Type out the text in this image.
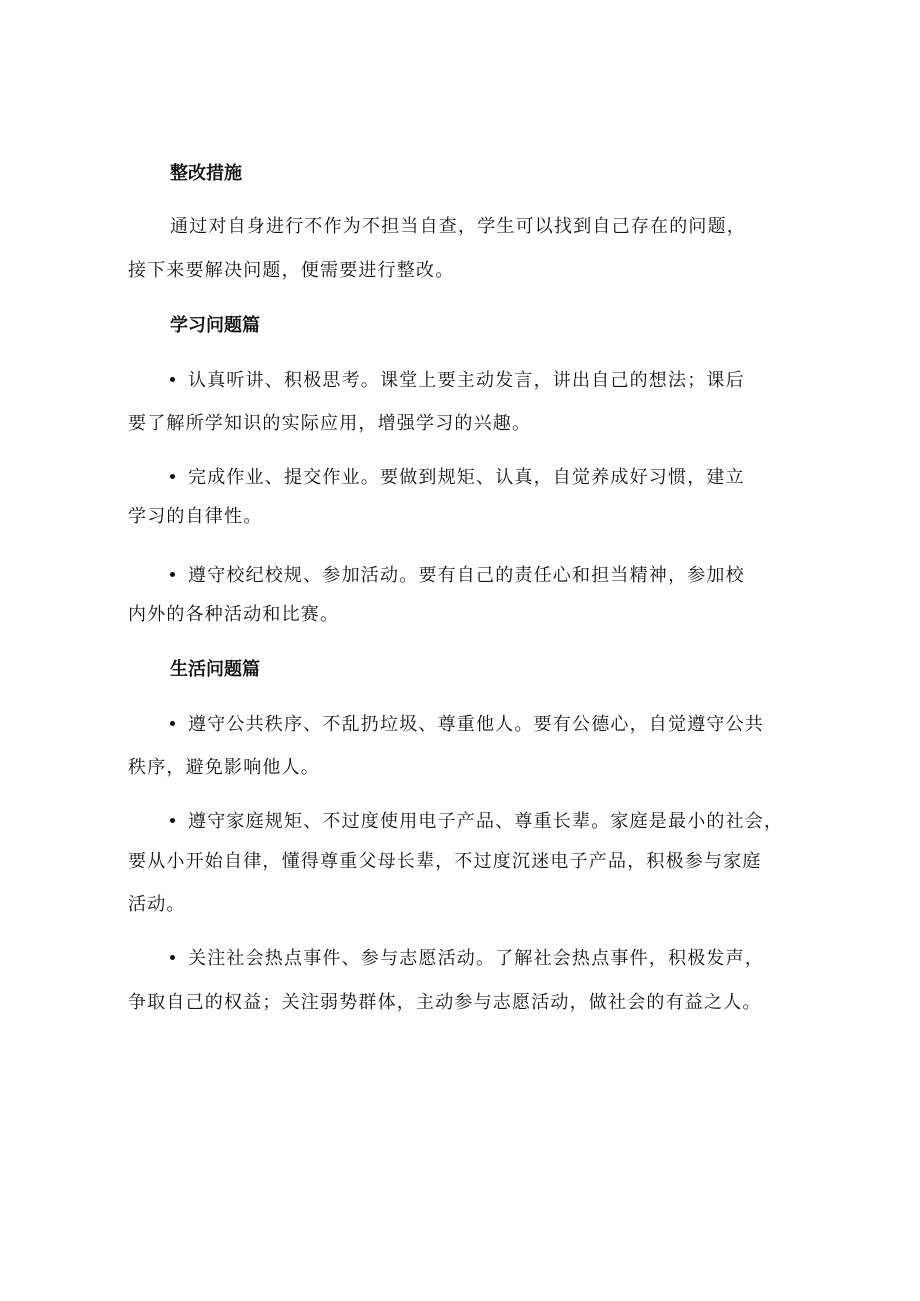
整改措施
通过对自身进行不作为不担当自查，学生可以找到自己存在的问题，
接下来要解决问题，便需要进行整改。
学习问题篇
认真听讲、积极思考。课堂上要主动发言，讲出自己的想法；课后
要了解所学知识的实际应用，增强学习的兴趣。
完成作业、提交作业。要做到规矩、认真，自觉养成好习惯，建立
学习的自律性。
遵守校纪校规、参加活动。要有自己的责任心和担当精神，参加校
内外的各种活动和比赛。
生活问题篇
遵守公共秩序、不乱扔垃圾、尊重他人。要有公德心，自觉遵守公共
秩序，避免影响他人。
遵守家庭规矩、不过度使用电子产品、尊重长辈。家庭是最小的社会，
要从小开始自律，懂得尊重父母长辈，不过度沉迷电子产品，积极参与家庭
活动。
关注社会热点事件、参与志愿活动。了解社会热点事件，积极发声，
争取自己的权益；关注弱势群体，主动参与志愿活动，做社会的有益之人。
